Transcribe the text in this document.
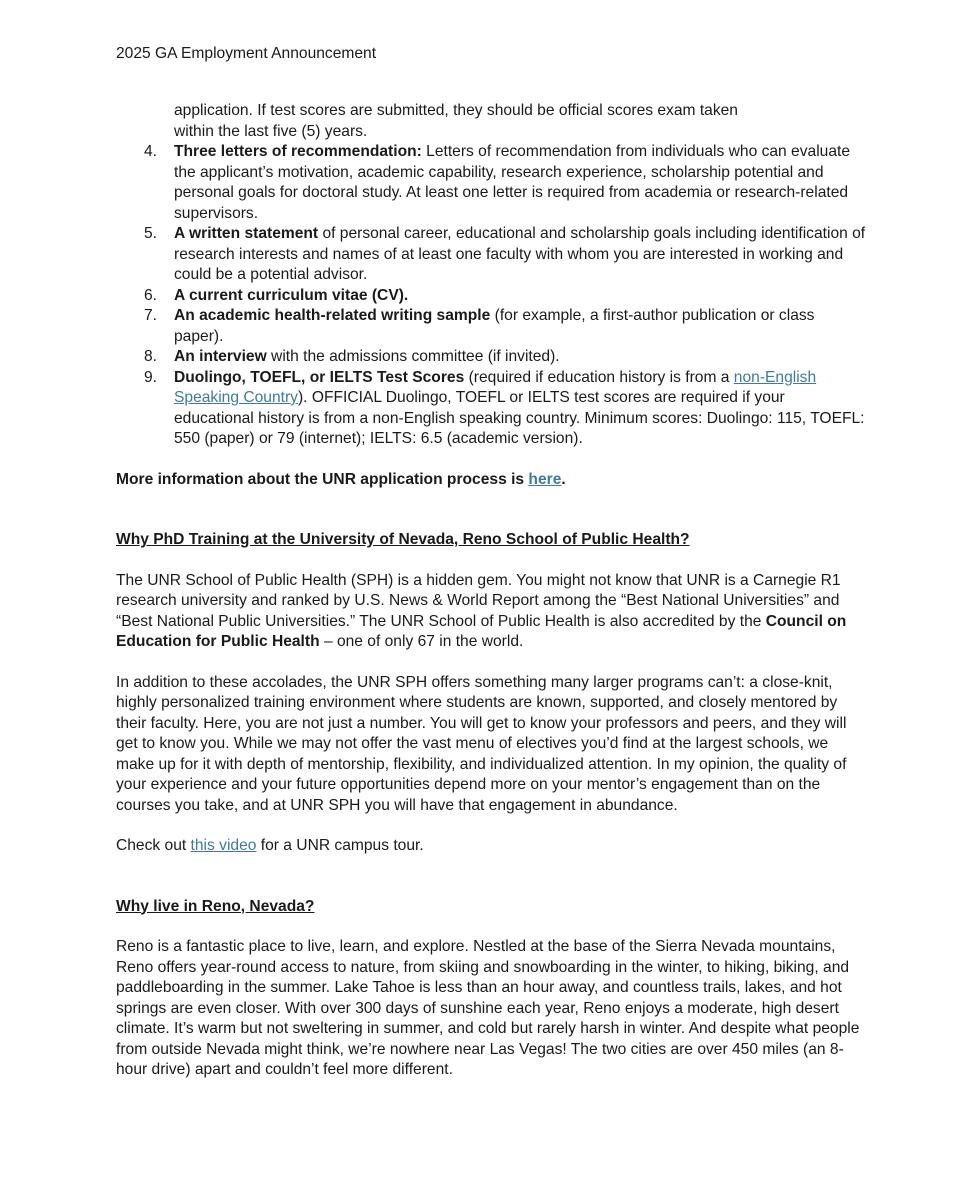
2025 GA Employment Announcement
application. If test scores are submitted, they should be official scores exam taken
within the last five (5) years.
4. Three letters of recommendation: Letters of recommendation from individuals who can evaluate the applicant’s motivation, academic capability, research experience, scholarship potential and personal goals for doctoral study. At least one letter is required from academia or research-related supervisors.
5. A written statement of personal career, educational and scholarship goals including identification of research interests and names of at least one faculty with whom you are interested in working and could be a potential advisor.
6. A current curriculum vitae (CV).
7. An academic health-related writing sample (for example, a first-author publication or class paper).
8. An interview with the admissions committee (if invited).
9. Duolingo, TOEFL, or IELTS Test Scores (required if education history is from a non-English Speaking Country). OFFICIAL Duolingo, TOEFL or IELTS test scores are required if your educational history is from a non-English speaking country. Minimum scores: Duolingo: 115, TOEFL: 550 (paper) or 79 (internet); IELTS: 6.5 (academic version).

More information about the UNR application process is here.

Why PhD Training at the University of Nevada, Reno School of Public Health?

The UNR School of Public Health (SPH) is a hidden gem. You might not know that UNR is a Carnegie R1 research university and ranked by U.S. News & World Report among the “Best National Universities” and “Best National Public Universities.” The UNR School of Public Health is also accredited by the Council on Education for Public Health – one of only 67 in the world.

In addition to these accolades, the UNR SPH offers something many larger programs can’t: a close-knit, highly personalized training environment where students are known, supported, and closely mentored by their faculty. Here, you are not just a number. You will get to know your professors and peers, and they will get to know you. While we may not offer the vast menu of electives you’d find at the largest schools, we make up for it with depth of mentorship, flexibility, and individualized attention. In my opinion, the quality of your experience and your future opportunities depend more on your mentor’s engagement than on the courses you take, and at UNR SPH you will have that engagement in abundance.

Check out this video for a UNR campus tour.

Why live in Reno, Nevada?

Reno is a fantastic place to live, learn, and explore. Nestled at the base of the Sierra Nevada mountains, Reno offers year-round access to nature, from skiing and snowboarding in the winter, to hiking, biking, and paddleboarding in the summer. Lake Tahoe is less than an hour away, and countless trails, lakes, and hot springs are even closer. With over 300 days of sunshine each year, Reno enjoys a moderate, high desert climate. It’s warm but not sweltering in summer, and cold but rarely harsh in winter. And despite what people from outside Nevada might think, we’re nowhere near Las Vegas! The two cities are over 450 miles (an 8-hour drive) apart and couldn’t feel more different.
